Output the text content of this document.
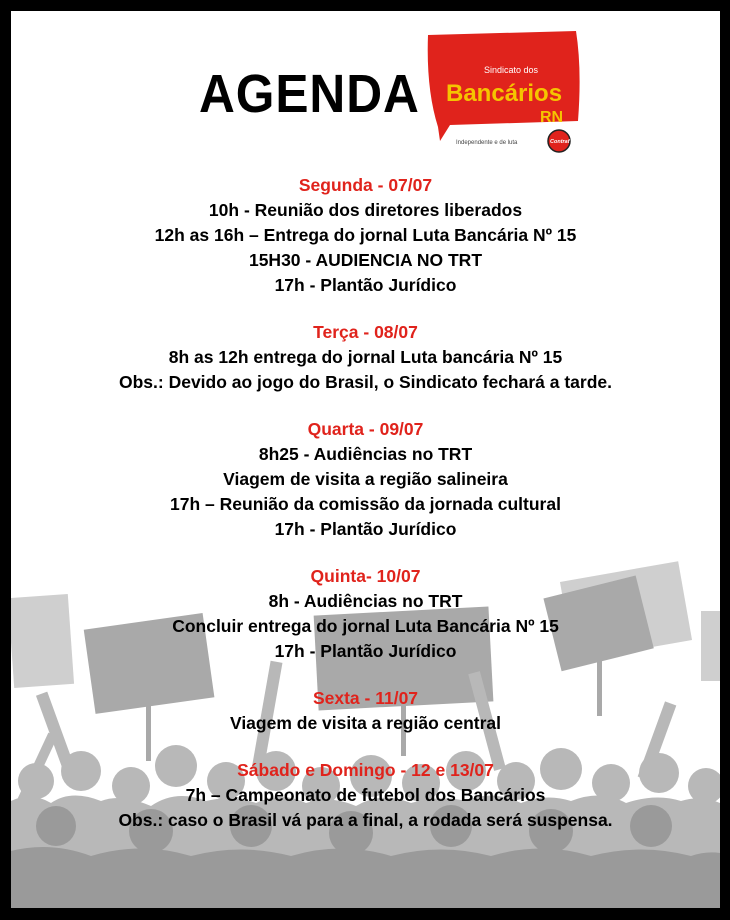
AGENDA	Sindicato dos
Bancários
RN
Independente e de luta	Contraf
Segunda - 07/07
10h - Reunião dos diretores liberados
12h as 16h – Entrega do jornal Luta Bancária Nº 15
15H30 - AUDIENCIA NO TRT
17h - Plantão Jurídico
Terça - 08/07
8h as 12h entrega do jornal Luta bancária Nº 15
Obs.: Devido ao jogo do Brasil, o Sindicato fechará a tarde.
Quarta - 09/07
8h25 - Audiências no TRT
Viagem de visita a região salineira
17h – Reunião da comissão da jornada cultural
17h - Plantão Jurídico
Quinta- 10/07
8h - Audiências no TRT
Concluir entrega do jornal Luta Bancária Nº 15
17h - Plantão Jurídico
Sexta - 11/07
Viagem de visita a região central
Sábado e Domingo - 12 e 13/07
7h – Campeonato de futebol dos Bancários
Obs.: caso o Brasil vá para a final, a rodada será suspensa.
